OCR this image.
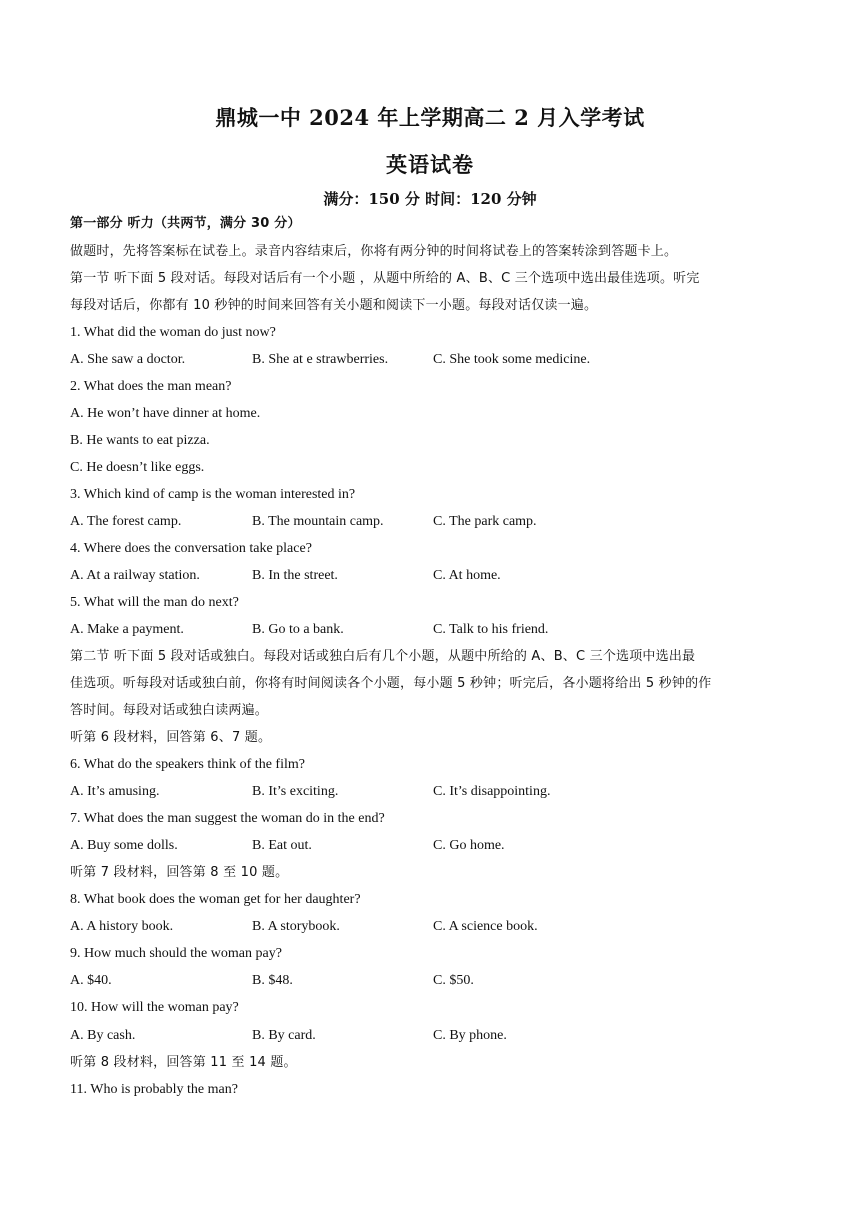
鼎城一中 2024 年上学期高二 2 月入学考试
英语试卷
满分：150 分 时间：120 分钟
第一部分 听力（共两节，满分 30 分）
做题时，先将答案标在试卷上。录音内容结束后，你将有两分钟的时间将试卷上的答案转涂到答题卡上。
第一节 听下面 5 段对话。每段对话后有一个小题 ，从题中所给的 A、B、C 三个选项中选出最佳选项。听完
每段对话后，你都有 10 秒钟的时间来回答有关小题和阅读下一小题。每段对话仅读一遍。
1. What did the woman do just now?
A. She saw a doctor.	B. She at e strawberries.	C. She took some medicine.
2. What does the man mean?
A. He won’t have dinner at home.
B. He wants to eat pizza.
C. He doesn’t like eggs.
3. Which kind of camp is the woman interested in?
A. The forest camp.	B. The mountain camp.	C. The park camp.
4. Where does the conversation take place?
A. At a railway station.	B. In the street.	C. At home.
5. What will the man do next?
A. Make a payment.	B. Go to a bank.	C. Talk to his friend.
第二节 听下面 5 段对话或独白。每段对话或独白后有几个小题，从题中所给的 A、B、C 三个选项中选出最
佳选项。听每段对话或独白前，你将有时间阅读各个小题，每小题 5 秒钟；听完后，各小题将给出 5 秒钟的作
答时间。每段对话或独白读两遍。
听第 6 段材料，回答第 6、7 题。
6. What do the speakers think of the film?
A. It’s amusing.	B. It’s exciting.	C. It’s disappointing.
7. What does the man suggest the woman do in the end?
A. Buy some dolls.	B. Eat out.	C. Go home.
听第 7 段材料，回答第 8 至 10 题。
8. What book does the woman get for her daughter?
A. A history book.	B. A storybook.	C. A science book.
9. How much should the woman pay?
A. $40.	B. $48.	C. $50.
10. How will the woman pay?
A. By cash.	B. By card.	C. By phone.
听第 8 段材料，回答第 11 至 14 题。
11. Who is probably the man?
